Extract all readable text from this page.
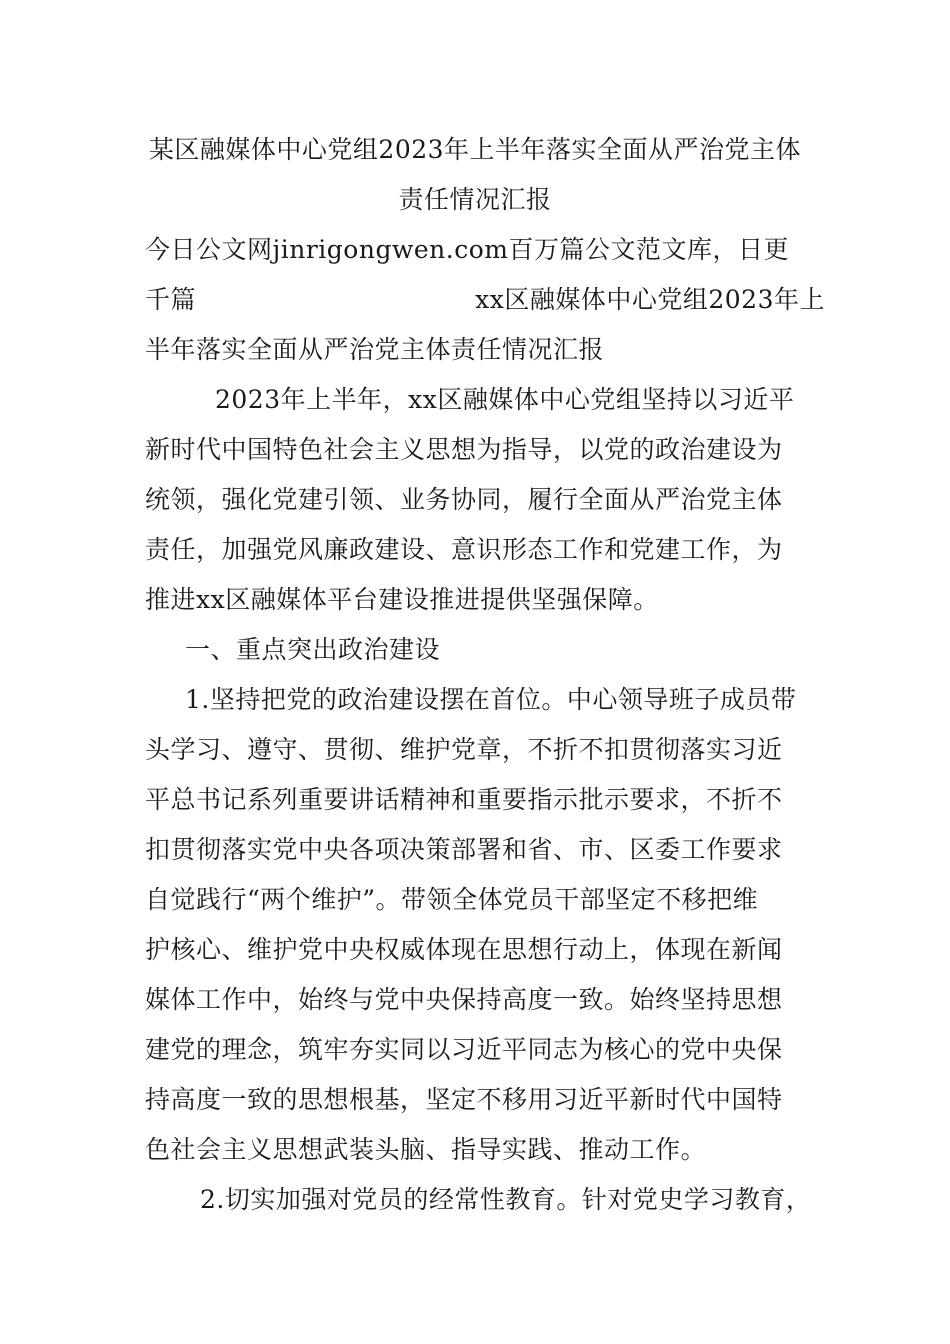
某区融媒体中心党组2023年上半年落实全面从严治党主体
责任情况汇报
今日公文网jinrigongwen.com百万篇公文范文库，日更
千篇	xx区融媒体中心党组2023年上
半年落实全面从严治党主体责任情况汇报
2023年上半年，xx区融媒体中心党组坚持以习近平
新时代中国特色社会主义思想为指导，以党的政治建设为
统领，强化党建引领、业务协同，履行全面从严治党主体
责任，加强党风廉政建设、意识形态工作和党建工作，为
推进xx区融媒体平台建设推进提供坚强保障。
一、重点突出政治建设
1.坚持把党的政治建设摆在首位。中心领导班子成员带
头学习、遵守、贯彻、维护党章，不折不扣贯彻落实习近
平总书记系列重要讲话精神和重要指示批示要求，不折不
扣贯彻落实党中央各项决策部署和省、市、区委工作要求
自觉践行“两个维护”。带领全体党员干部坚定不移把维
护核心、维护党中央权威体现在思想行动上，体现在新闻
媒体工作中，始终与党中央保持高度一致。始终坚持思想
建党的理念，筑牢夯实同以习近平同志为核心的党中央保
持高度一致的思想根基，坚定不移用习近平新时代中国特
色社会主义思想武装头脑、指导实践、推动工作。
2.切实加强对党员的经常性教育。针对党史学习教育，
